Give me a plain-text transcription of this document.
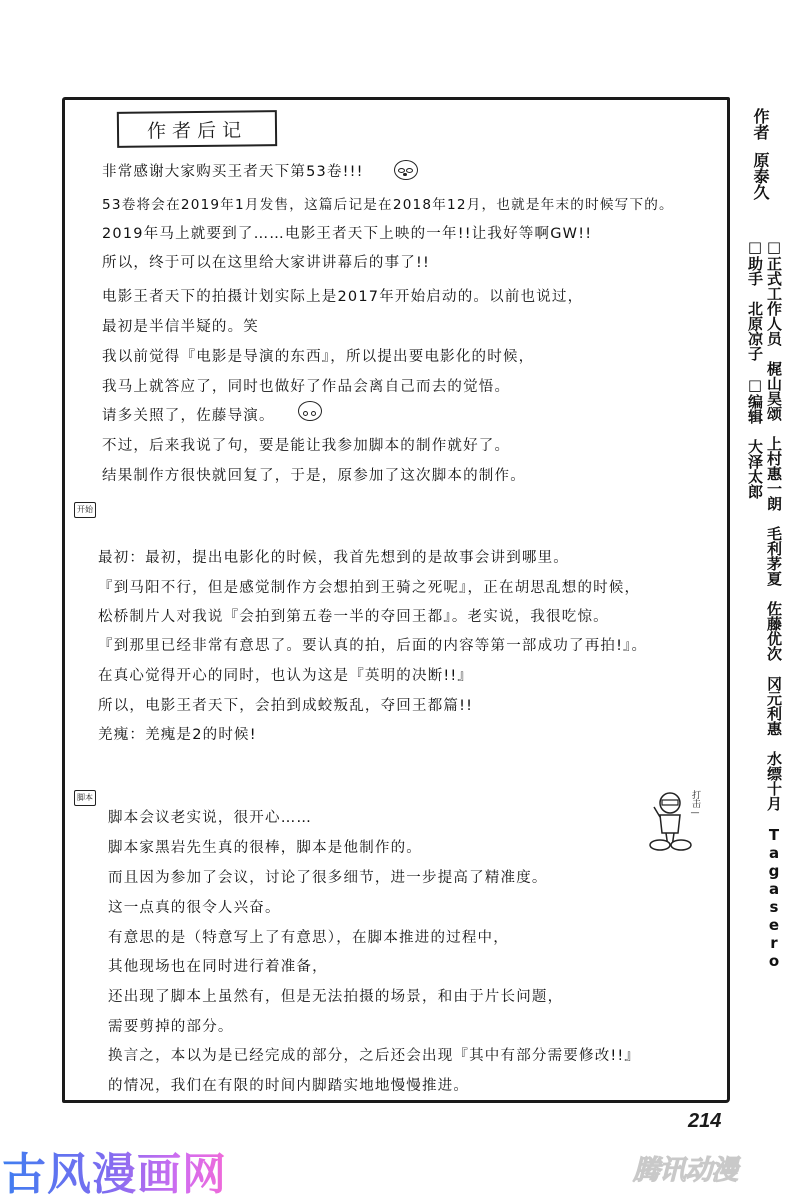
作者后记
非常感谢大家购买王者天下第53卷!!!
53卷将会在2019年1月发售，这篇后记是在2018年12月，也就是年末的时候写下的。
2019年马上就要到了……电影王者天下上映的一年!!让我好等啊GW!!
所以，终于可以在这里给大家讲讲幕后的事了!!
电影王者天下的拍摄计划实际上是2017年开始启动的。以前也说过，
最初是半信半疑的。笑
我以前觉得『电影是导演的东西』，所以提出要电影化的时候，
我马上就答应了，同时也做好了作品会离自己而去的觉悟。
请多关照了，佐藤导演。
不过，后来我说了句，要是能让我参加脚本的制作就好了。
结果制作方很快就回复了，于是，原参加了这次脚本的制作。
开始
最初：最初，提出电影化的时候，我首先想到的是故事会讲到哪里。
『到马阳不行，但是感觉制作方会想拍到王骑之死呢』，正在胡思乱想的时候，
松桥制片人对我说『会拍到第五卷一半的夺回王都』。老实说，我很吃惊。
『到那里已经非常有意思了。要认真的拍，后面的内容等第一部成功了再拍!』。
在真心觉得开心的同时，也认为这是『英明的决断!!』
所以，电影王者天下，会拍到成蛟叛乱，夺回王都篇!!
羌瘣：羌瘣是2的时候!
脚本
脚本会议老实说，很开心……
脚本家黑岩先生真的很棒，脚本是他制作的。
而且因为参加了会议，讨论了很多细节，进一步提高了精准度。
这一点真的很令人兴奋。
有意思的是（特意写上了有意思），在脚本推进的过程中，
其他现场也在同时进行着准备，
还出现了脚本上虽然有，但是无法拍摄的场景，和由于片长问题，
需要剪掉的部分。
换言之，本以为是已经完成的部分，之后还会出现『其中有部分需要修改!!』
的情况，我们在有限的时间内脚踏实地地慢慢推进。
打击—
作者原泰久
□正式工作人员　梶山昊颂　上村惠一朗　毛利茅夏　佐藤优次　冈元利惠　水缥十月　Tagasero
□助手　北原凉子　□编辑　大泽太郎
214
古风漫画网	腾讯动漫
